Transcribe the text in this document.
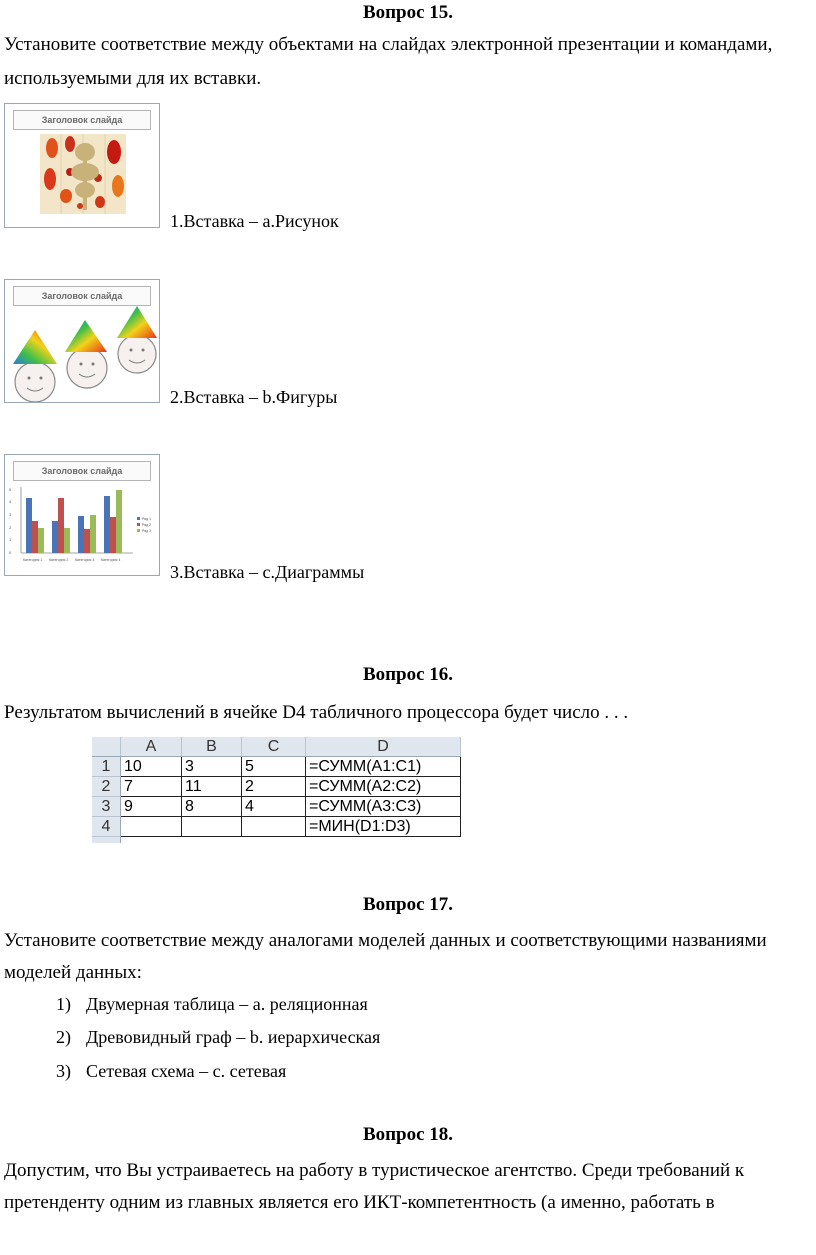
Вопрос 15.
Установите соответствие между объектами на слайдах электронной презентации и командами,
используемыми для их вставки.
Заголовок слайда
1.Вставка – a.Рисунок
Заголовок слайда
2.Вставка – b.Фигуры
Заголовок слайда
5
4
3
2
1
0
Ряд 1
Ряд 2
Ряд 3
Категория 1 Категория 2 Категория 3 Категория 4
3.Вставка – c.Диаграммы
Вопрос 16.
Результатом вычислений в ячейке D4 табличного процессора будет число . . .
	A	B	C	D
1	10	3	5	=СУММ(A1:C1)
2	7	11	2	=СУММ(A2:C2)
3	9	8	4	=СУММ(A3:C3)
4				=МИН(D1:D3)

Вопрос 17.
Установите соответствие между аналогами моделей данных и соответствующими названиями
моделей данных:
1) Двумерная таблица – a. реляционная
2) Древовидный граф – b. иерархическая
3) Сетевая схема – c. сетевая
Вопрос 18.
Допустим, что Вы устраиваетесь на работу в туристическое агентство. Среди требований к
претенденту одним из главных является его ИКТ-компетентность (а именно, работать в
